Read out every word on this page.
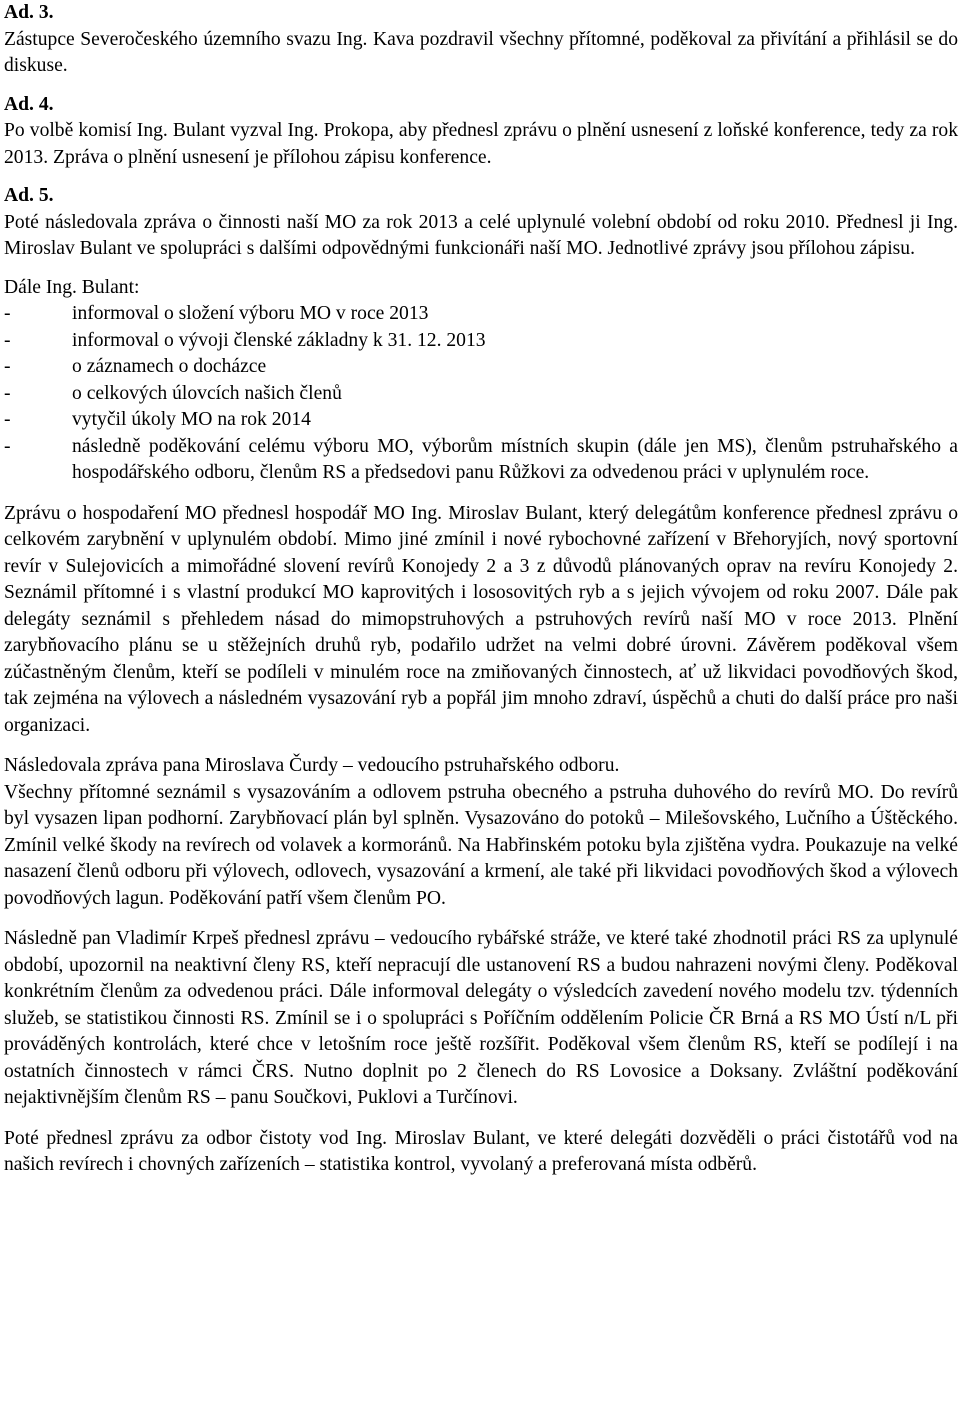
Ad. 3.

Zástupce Severočeského územního svazu Ing. Kava pozdravil všechny přítomné, poděkoval za přivítání a přihlásil se do diskuse.

Ad. 4.

Po volbě komisí Ing. Bulant vyzval Ing. Prokopa, aby přednesl zprávu o plnění usnesení z loňské konference, tedy za rok 2013. Zpráva o plnění usnesení je přílohou zápisu konference.

Ad. 5.

Poté následovala zpráva o činnosti naší MO za rok 2013 a celé uplynulé volební období od roku 2010. Přednesl ji Ing. Miroslav Bulant ve spolupráci s dalšími odpovědnými funkcionáři naší MO. Jednotlivé zprávy jsou přílohou zápisu.

Dále Ing. Bulant:

-	informoval o složení výboru MO v roce 2013
-	informoval o vývoji členské základny k 31. 12. 2013
-	o záznamech o docházce
-	o celkových úlovcích našich členů
-	vytyčil úkoly MO na rok 2014
-	následně poděkování celému výboru MO, výborům místních skupin (dále jen MS), členům pstruhařského a hospodářského odboru, členům RS a předsedovi panu Růžkovi za odvedenou práci v uplynulém roce.

Zprávu o hospodaření MO přednesl hospodář MO Ing. Miroslav Bulant, který delegátům konference přednesl zprávu o celkovém zarybnění v uplynulém období. Mimo jiné zmínil i nové rybochovné zařízení v Břehoryjích, nový sportovní revír v Sulejovicích a mimořádné slovení revírů Konojedy 2 a 3 z důvodů plánovaných oprav na revíru Konojedy 2. Seznámil přítomné i s vlastní produkcí MO kaprovitých i lososovitých ryb a s jejich vývojem od roku 2007. Dále pak delegáty seznámil s přehledem násad do mimopstruhových a pstruhových revírů naší MO v roce 2013. Plnění zarybňovacího plánu se u stěžejních druhů ryb, podařilo udržet na velmi dobré úrovni. Závěrem poděkoval všem zúčastněným členům, kteří se podíleli v minulém roce na zmiňovaných činnostech, ať už likvidaci povodňových škod, tak zejména na výlovech a následném vysazování ryb a popřál jim mnoho zdraví, úspěchů a chuti do další práce pro naši organizaci.

Následovala zpráva pana Miroslava Čurdy – vedoucího pstruhařského odboru.

Všechny přítomné seznámil s vysazováním a odlovem pstruha obecného a pstruha duhového do revírů MO. Do revírů byl vysazen lipan podhorní. Zarybňovací plán byl splněn. Vysazováno do potoků – Milešovského, Lučního a Úštěckého. Zmínil velké škody na revírech od volavek a kormoránů. Na Habřinském potoku byla zjištěna vydra. Poukazuje na velké nasazení členů odboru při výlovech, odlovech, vysazování a krmení, ale také při likvidaci povodňových škod a výlovech povodňových lagun. Poděkování patří všem členům PO.

Následně pan Vladimír Krpeš přednesl zprávu – vedoucího rybářské stráže, ve které také zhodnotil práci RS za uplynulé období, upozornil na neaktivní členy RS, kteří nepracují dle ustanovení RS a budou nahrazeni novými členy. Poděkoval konkrétním členům za odvedenou práci. Dále informoval delegáty o výsledcích zavedení nového modelu tzv. týdenních služeb, se statistikou činnosti RS. Zmínil se i o spolupráci s Poříčním oddělením Policie ČR Brná a RS MO Ústí n/L při prováděných kontrolách, které chce v letošním roce ještě rozšířit. Poděkoval všem členům RS, kteří se podílejí i na ostatních činnostech v rámci ČRS. Nutno doplnit po 2 členech do RS Lovosice a Doksany. Zvláštní poděkování nejaktivnějším členům RS – panu Součkovi, Puklovi a Turčínovi.

Poté přednesl zprávu za odbor čistoty vod Ing. Miroslav Bulant, ve které delegáti dozvěděli o práci čistotářů vod na našich revírech i chovných zařízeních – statistika kontrol, vyvolaný a preferovaná místa odběrů.
